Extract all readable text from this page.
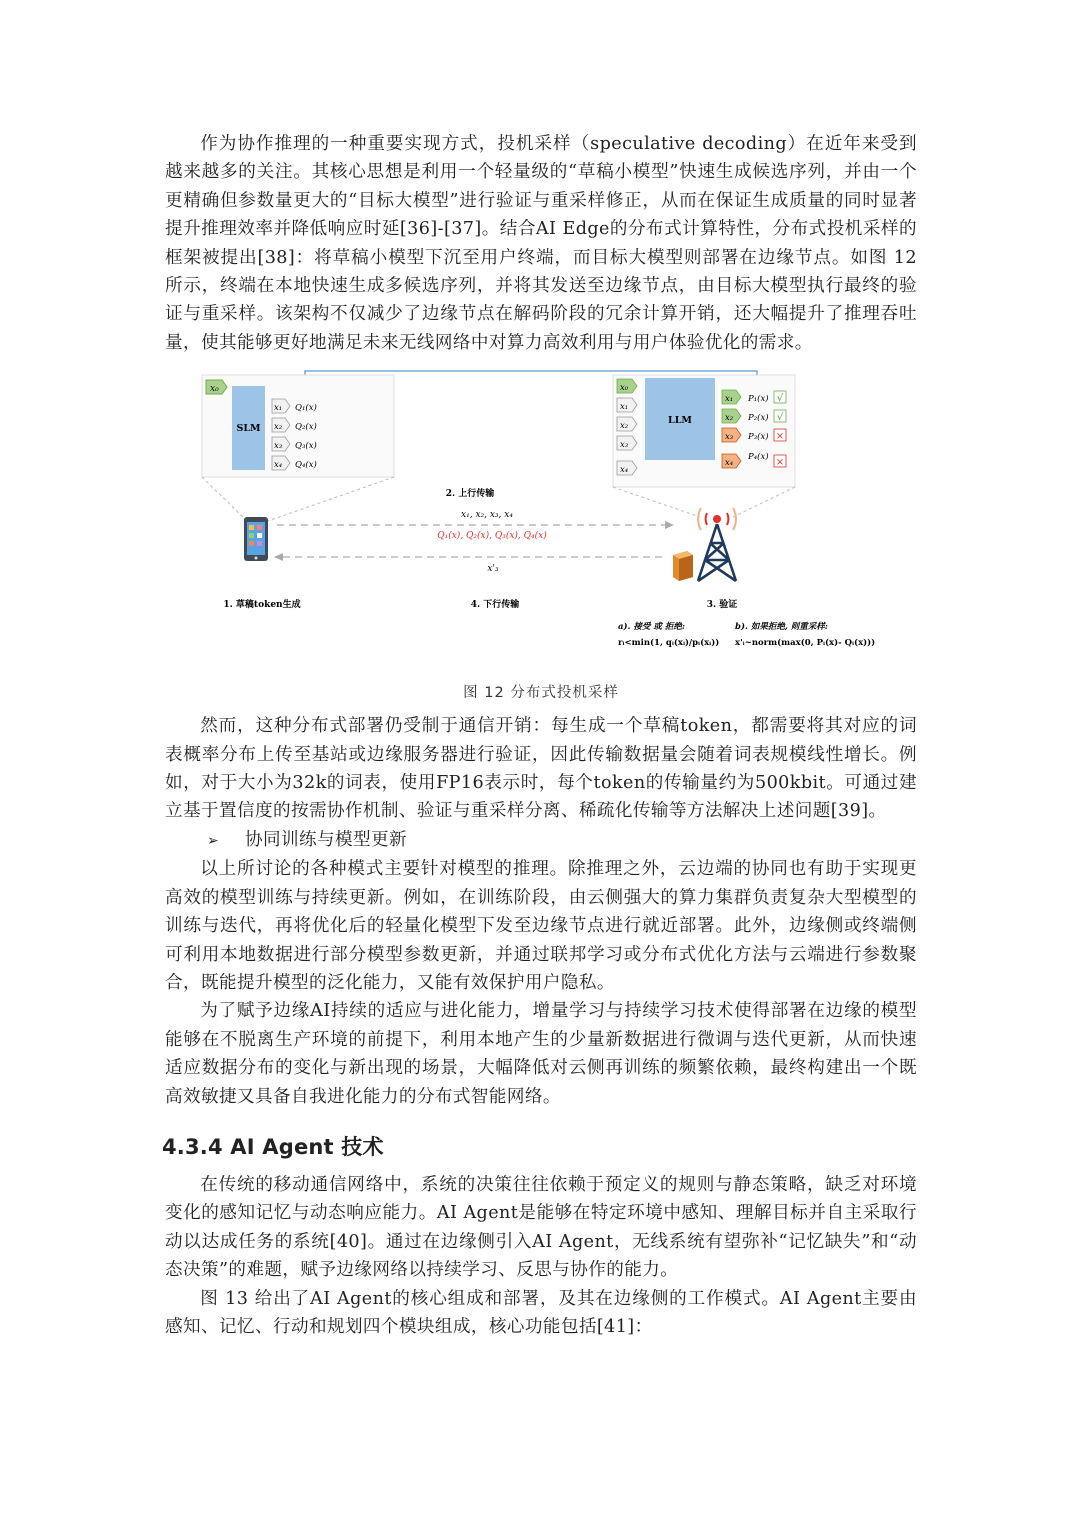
作为协作推理的一种重要实现方式，投机采样（speculative decoding）在近年来受到越来越多的关注。其核心思想是利用一个轻量级的“草稿小模型”快速生成候选序列，并由一个更精确但参数量更大的“目标大模型”进行验证与重采样修正，从而在保证生成质量的同时显著提升推理效率并降低响应时延[36]-[37]。结合AI Edge的分布式计算特性，分布式投机采样的框架被提出[38]：将草稿小模型下沉至用户终端，而目标大模型则部署在边缘节点。如图 12 所示，终端在本地快速生成多候选序列，并将其发送至边缘节点，由目标大模型执行最终的验证与重采样。该架构不仅减少了边缘节点在解码阶段的冗余计算开销，还大幅提升了推理吞吐量，使其能够更好地满足未来无线网络中对算力高效利用与用户体验优化的需求。

x₀
SLM
x₁ Q₁(x)
x₂ Q₂(x)
x₃ Q₃(x)
x₄ Q₄(x)
x₀
x₁
x₂
x₃
x₄
LLM
x₁ P₁(x) √
x₂ P₂(x) √
x₃ P₃(x) ×
x₄
P₄(x) ×
2. 上行传输
x₁, x₂, x₃, x₄
Q₁(x), Q₂(x), Q₃(x), Q₄(x)
x'₃
1. 草稿token生成	4. 下行传输	3. 验证
a). 接受 或 拒绝:
rᵢ<min(1, qᵢ(xᵢ)/pᵢ(xᵢ))
b). 如果拒绝, 则重采样:
x'ᵢ~norm(max(0, Pᵢ(x)- Qᵢ(x)))
图 12 分布式投机采样

然而，这种分布式部署仍受制于通信开销：每生成一个草稿token，都需要将其对应的词表概率分布上传至基站或边缘服务器进行验证，因此传输数据量会随着词表规模线性增长。例如，对于大小为32k的词表，使用FP16表示时，每个token的传输量约为500kbit。可通过建立基于置信度的按需协作机制、验证与重采样分离、稀疏化传输等方法解决上述问题[39]。

➢ 协同训练与模型更新

以上所讨论的各种模式主要针对模型的推理。除推理之外，云边端的协同也有助于实现更高效的模型训练与持续更新。例如，在训练阶段，由云侧强大的算力集群负责复杂大型模型的训练与迭代，再将优化后的轻量化模型下发至边缘节点进行就近部署。此外，边缘侧或终端侧可利用本地数据进行部分模型参数更新，并通过联邦学习或分布式优化方法与云端进行参数聚合，既能提升模型的泛化能力，又能有效保护用户隐私。

为了赋予边缘AI持续的适应与进化能力，增量学习与持续学习技术使得部署在边缘的模型能够在不脱离生产环境的前提下，利用本地产生的少量新数据进行微调与迭代更新，从而快速适应数据分布的变化与新出现的场景，大幅降低对云侧再训练的频繁依赖，最终构建出一个既高效敏捷又具备自我进化能力的分布式智能网络。

4.3.4 AI Agent 技术

在传统的移动通信网络中，系统的决策往往依赖于预定义的规则与静态策略，缺乏对环境变化的感知记忆与动态响应能力。AI Agent是能够在特定环境中感知、理解目标并自主采取行动以达成任务的系统[40]。通过在边缘侧引入AI Agent，无线系统有望弥补“记忆缺失”和“动态决策”的难题，赋予边缘网络以持续学习、反思与协作的能力。

图 13 给出了AI Agent的核心组成和部署，及其在边缘侧的工作模式。AI Agent主要由感知、记忆、行动和规划四个模块组成，核心功能包括[41]：
